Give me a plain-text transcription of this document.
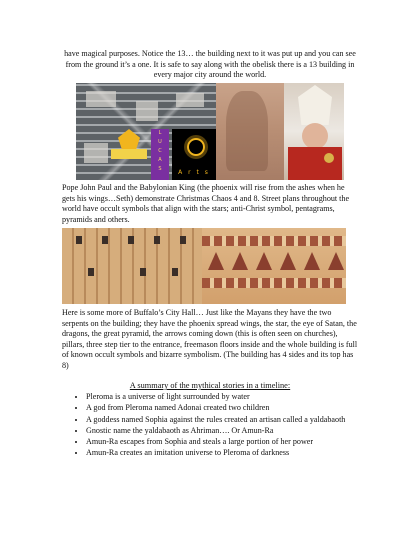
have magical purposes. Notice the 13… the building next to it was put up and you can see from the ground it’s a one. It is safe to say along with the obelisk there is a 13 building in every major city around the world.

L
U
C
A
S	A r t s

Pope John Paul and the Babylonian King (the phoenix will rise from the ashes when he gets his wings…Seth) demonstrate Christmas Chaos 4 and 8. Street plans throughout the world have occult symbols that align with the stars; anti-Christ symbol, pentagrams, pyramids and others.

Here is some more of Buffalo’s City Hall… Just like the Mayans they have the two serpents on the building; they have the phoenix spread wings, the star, the eye of Satan, the dragons, the great pyramid, the arrows coming down (this is often seen on churches), pillars, three step tier to the entrance, freemason floors inside and the whole building is full of known occult symbols and bizarre symbolism. (The building has 4 sides and its top has 8)

A summary of the mythical stories in a timeline:
• Pleroma is a universe of light surrounded by water
• A god from Pleroma named Adonai created two children
• A goddess named Sophia against the rules created an artisan called a yaldabaoth
• Gnostic name the yaldabaoth as Ahriman…. Or Amun-Ra
• Amun-Ra escapes from Sophia and steals a large portion of her power
• Amun-Ra creates an imitation universe to Pleroma of darkness
